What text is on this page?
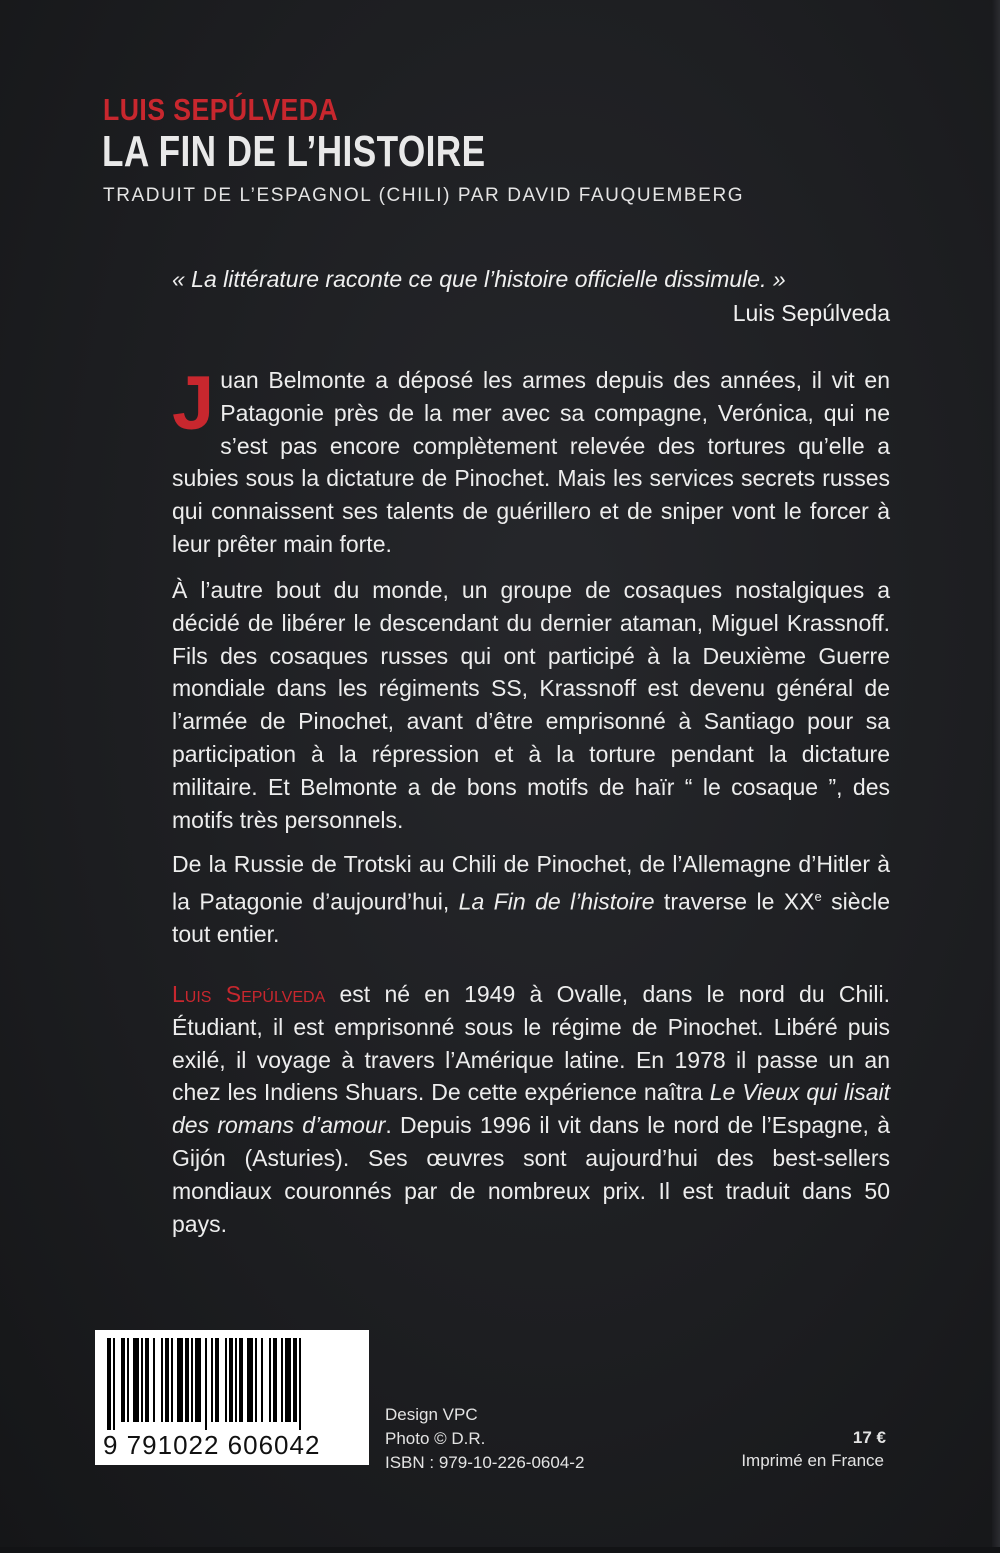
LUIS SEPÚLVEDA
LA FIN DE L’HISTOIRE
TRADUIT DE L’ESPAGNOL (CHILI) PAR DAVID FAUQUEMBERG
« La littérature raconte ce que l’histoire officielle dissimule. »
Luis Sepúlveda

Juan Belmonte a déposé les armes depuis des années, il vit en Patagonie près de la mer avec sa compagne, Verónica, qui ne s’est pas encore complètement relevée des tortures qu’elle a subies sous la dictature de Pinochet. Mais les services secrets russes qui connaissent ses talents de guérillero et de sniper vont le forcer à leur prêter main forte.

À l’autre bout du monde, un groupe de cosaques nostalgiques a décidé de libérer le descendant du dernier ataman, Miguel Krassnoff. Fils des cosaques russes qui ont participé à la Deuxième Guerre mondiale dans les régiments SS, Krassnoff est devenu général de l’armée de Pinochet, avant d’être emprisonné à Santiago pour sa participation à la répression et à la torture pendant la dictature militaire. Et Belmonte a de bons motifs de haïr “ le cosaque ”, des motifs très personnels.

De la Russie de Trotski au Chili de Pinochet, de l’Allemagne d’Hitler à la Patagonie d’aujourd’hui, La Fin de l’histoire traverse le XXe siècle tout entier.

Luis Sepúlveda est né en 1949 à Ovalle, dans le nord du Chili. Étudiant, il est emprisonné sous le régime de Pinochet. Libéré puis exilé, il voyage à travers l’Amérique latine. En 1978 il passe un an chez les Indiens Shuars. De cette expérience naîtra Le Vieux qui lisait des romans d’amour. Depuis 1996 il vit dans le nord de l’Espagne, à Gijón (Asturies). Ses œuvres sont aujourd’hui des best-sellers mondiaux couronnés par de nombreux prix. Il est traduit dans 50 pays.

9 791022 606042
Design VPC
Photo © D.R.
ISBN : 979-10-226-0604-2
17 €
Imprimé en France
